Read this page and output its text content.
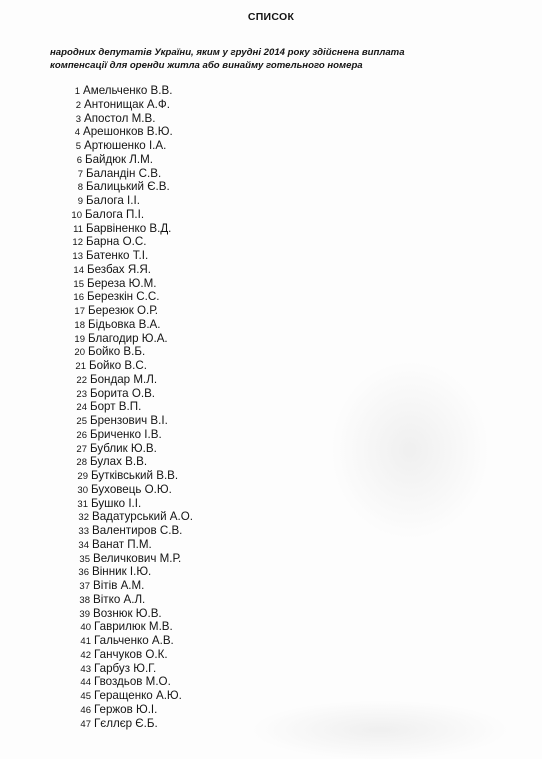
СПИСОК
народних депутатів України, яким у грудні 2014 року здійснена виплата
компенсації для оренди житла або винайму готельного номера
1 Амельченко В.В.
2 Антонищак А.Ф.
3 Апостол М.В.
4 Арешонков В.Ю.
5 Артюшенко І.А.
6 Байдюк Л.М.
7 Баландін С.В.
8 Балицький Є.В.
9 Балога І.І.
10 Балога П.І.
11 Барвіненко В.Д.
12 Барна О.С.
13 Батенко Т.І.
14 Безбах Я.Я.
15 Береза Ю.М.
16 Березкін С.С.
17 Березюк О.Р.
18 Бідьовка В.А.
19 Благодир Ю.А.
20 Бойко В.Б.
21 Бойко В.С.
22 Бондар М.Л.
23 Борита О.В.
24 Борт В.П.
25 Брензович В.І.
26 Бриченко І.В.
27 Бублик Ю.В.
28 Булах В.В.
29 Бутківський В.В.
30 Буховець О.Ю.
31 Бушко І.І.
32 Вадатурський А.О.
33 Валентиров С.В.
34 Ванат П.М.
35 Величкович М.Р.
36 Вінник І.Ю.
37 Вітів А.М.
38 Вітко А.Л.
39 Вознюк Ю.В.
40 Гаврилюк М.В.
41 Гальченко А.В.
42 Ганчуков О.К.
43 Гарбуз Ю.Г.
44 Гвоздьов М.О.
45 Геращенко А.Ю.
46 Гержов Ю.І.
47 Гєллєр Є.Б.
